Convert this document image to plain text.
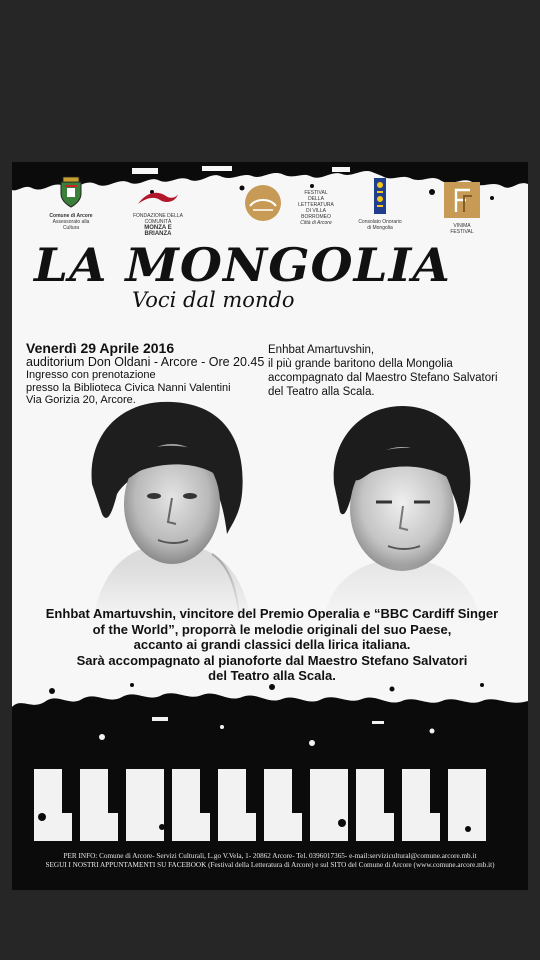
Comune di Arcore
Assessorato alla Cultura
FONDAZIONE DELLA COMUNITÀ
MONZA E BRIANZA
FESTIVAL DELLA LETTERATURA DI VILLA BORROMEO
Città di Arcore	Consolato Onorario di Mongolia	VINIMA FESTIVAL
LA MONGOLIA
Voci dal mondo
Venerdì 29 Aprile 2016
auditorium Don Oldani - Arcore - Ore 20.45
Ingresso con prenotazione
presso la Biblioteca Civica Nanni Valentini
Via Gorizia 20, Arcore.
Enhbat Amartuvshin,
il più grande baritono della Mongolia
accompagnato dal Maestro Stefano Salvatori
del Teatro alla Scala.
Enhbat Amartuvshin, vincitore del Premio Operalia e “BBC Cardiff Singer
of the World”, proporrà le melodie originali del suo Paese,
accanto ai grandi classici della lirica italiana.
Sarà accompagnato al pianoforte dal Maestro Stefano Salvatori
del Teatro alla Scala.
PER INFO: Comune di Arcore- Servizi Culturali, L.go V.Vela, 1- 20862 Arcore- Tel. 0396017365- e-mail:servizicultural@comune.arcore.mb.it
SEGUI I NOSTRI APPUNTAMENTI SU FACEBOOK (Festival della Letteratura di Arcore) e sul SITO del Comune di Arcore (www.comune.arcore.mb.it)
